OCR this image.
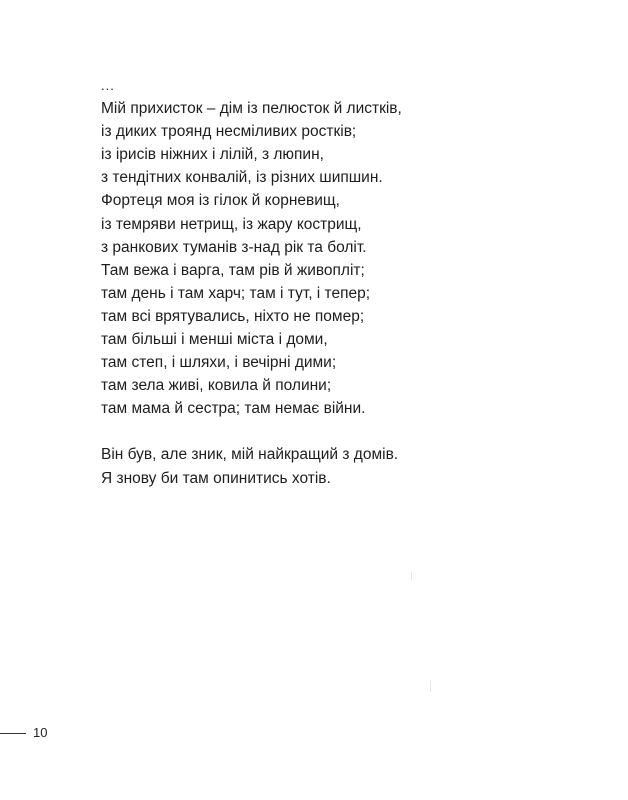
...
Мій прихисток – дім із пелюсток й листків,
із диких троянд несміливих ростків;
із ірисів ніжних і лілій, з люпин,
з тендітних конвалій, із різних шипшин.
Фортеця моя із гілок й корневищ,
із темряви нетрищ, із жару кострищ,
з ранкових туманів з-над рік та боліт.
Там вежа і варга, там рів й живопліт;
там день і там харч; там і тут, і тепер;
там всі врятувались, ніхто не помер;
там більші і менші міста і доми,
там степ, і шляхи, і вечірні дими;
там зела живі, ковила й полини;
там мама й сестра; там немає війни.
Він був, але зник, мій найкращий з домів.
Я знову би там опинитись хотів.
10
